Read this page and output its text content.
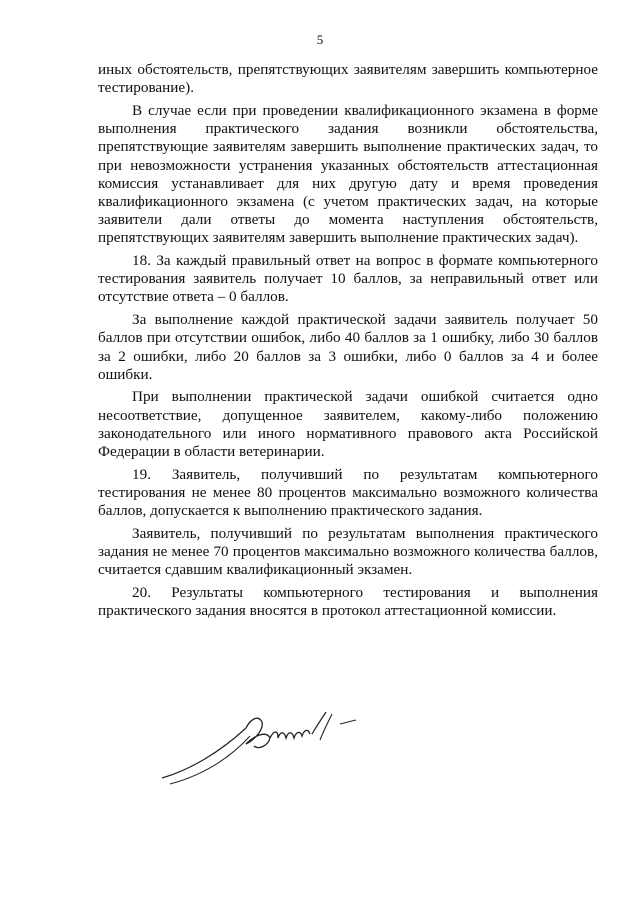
5

иных обстоятельств, препятствующих заявителям завершить компьютерное тестирование).

В случае если при проведении квалификационного экзамена в форме выполнения практического задания возникли обстоятельства, препятствующие заявителям завершить выполнение практических задач, то при невозможности устранения указанных обстоятельств аттестационная комиссия устанавливает для них другую дату и время проведения квалификационного экзамена (с учетом практических задач, на которые заявители дали ответы до момента наступления обстоятельств, препятствующих заявителям завершить выполнение практических задач).

18. За каждый правильный ответ на вопрос в формате компьютерного тестирования заявитель получает 10 баллов, за неправильный ответ или отсутствие ответа – 0 баллов.

За выполнение каждой практической задачи заявитель получает 50 баллов при отсутствии ошибок, либо 40 баллов за 1 ошибку, либо 30 баллов за 2 ошибки, либо 20 баллов за 3 ошибки, либо 0 баллов за 4 и более ошибки.

При выполнении практической задачи ошибкой считается одно несоответствие, допущенное заявителем, какому-либо положению законодательного или иного нормативного правового акта Российской Федерации в области ветеринарии.

19. Заявитель, получивший по результатам компьютерного тестирования не менее 80 процентов максимально возможного количества баллов, допускается к выполнению практического задания.

Заявитель, получивший по результатам выполнения практического задания не менее 70 процентов максимально возможного количества баллов, считается сдавшим квалификационный экзамен.

20. Результаты компьютерного тестирования и выполнения практического задания вносятся в протокол аттестационной комиссии.
